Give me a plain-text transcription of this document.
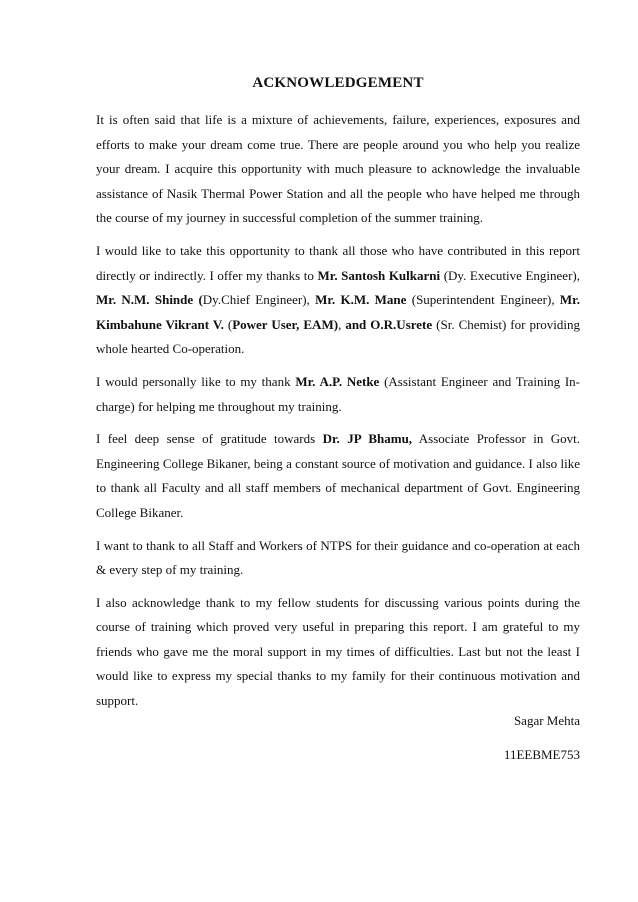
ACKNOWLEDGEMENT

It is often said that life is a mixture of achievements, failure, experiences, exposures and efforts to make your dream come true. There are people around you who help you realize your dream. I acquire this opportunity with much pleasure to acknowledge the invaluable assistance of Nasik Thermal Power Station and all the people who have helped me through the course of my journey in successful completion of the summer training.

I would like to take this opportunity to thank all those who have contributed in this report directly or indirectly. I offer my thanks to Mr. Santosh Kulkarni (Dy. Executive Engineer), Mr. N.M. Shinde (Dy.Chief Engineer), Mr. K.M. Mane (Superintendent Engineer), Mr. Kimbahune Vikrant V. (Power User, EAM), and O.R.Usrete (Sr. Chemist) for providing whole hearted Co-operation.

I would personally like to my thank Mr. A.P. Netke (Assistant Engineer and Training In-charge) for helping me throughout my training.

I feel deep sense of gratitude towards Dr. JP Bhamu, Associate Professor in Govt. Engineering College Bikaner, being a constant source of motivation and guidance. I also like to thank all Faculty and all staff members of mechanical department of Govt. Engineering College Bikaner.

I want to thank to all Staff and Workers of NTPS for their guidance and co-operation at each & every step of my training.

I also acknowledge thank to my fellow students for discussing various points during the course of training which proved very useful in preparing this report. I am grateful to my friends who gave me the moral support in my times of difficulties. Last but not the least I would like to express my special thanks to my family for their continuous motivation and support.

Sagar Mehta
11EEBME753
